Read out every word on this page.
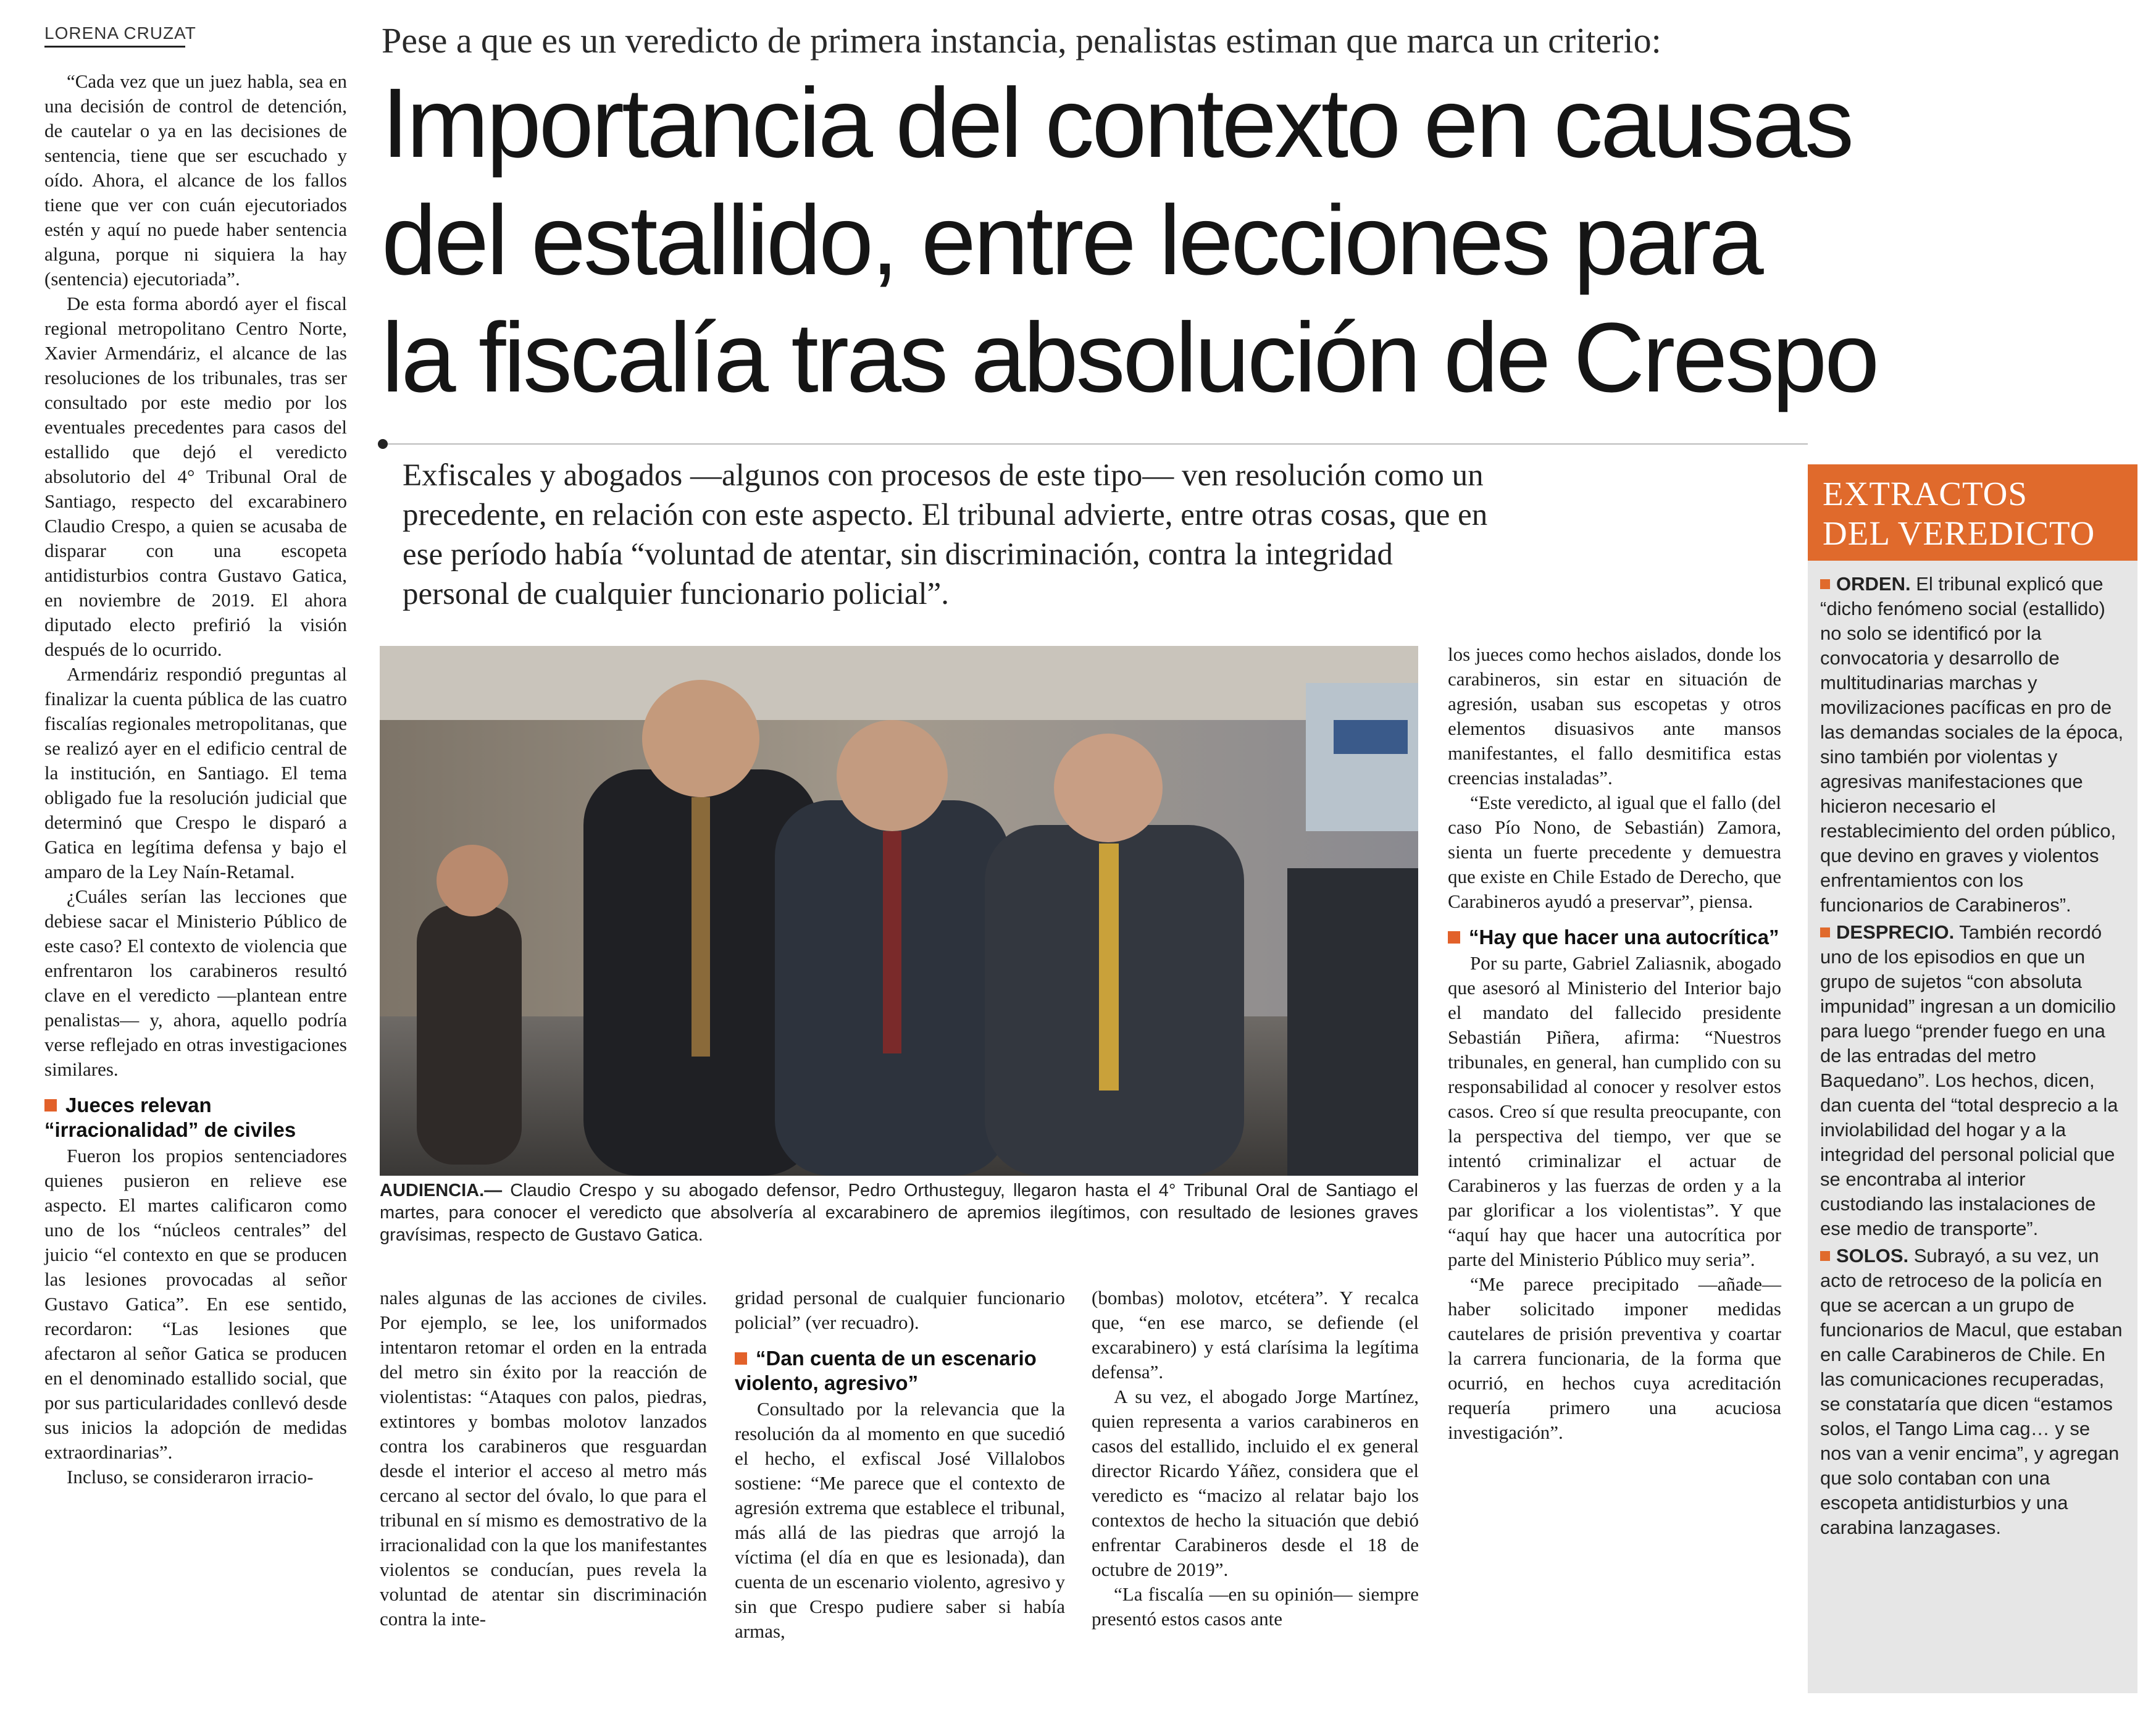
LORENA CRUZAT	Pese a que es un veredicto de primera instancia, penalistas estiman que marca un criterio:
Importancia del contexto en causas
del estallido, entre lecciones para
la fiscalía tras absolución de Crespo
Exfiscales y abogados —algunos con procesos de este tipo— ven resolución como un
precedente, en relación con este aspecto. El tribunal advierte, entre otras cosas, que en
ese período había “voluntad de atentar, sin discriminación, contra la integridad
personal de cualquier funcionario policial”.

“Cada vez que un juez habla, sea en una decisión de control de detención, de cautelar o ya en las decisiones de sentencia, tiene que ser escuchado y oído. Ahora, el alcance de los fallos tiene que ver con cuán ejecutoriados estén y aquí no puede haber sentencia alguna, porque ni siquiera la hay (sentencia) ejecutoriada”.

De esta forma abordó ayer el fiscal regional metropolitano Centro Norte, Xavier Armendáriz, el alcance de las resoluciones de los tribunales, tras ser consultado por este medio por los eventuales precedentes para casos del estallido que dejó el veredicto absolutorio del 4° Tribunal Oral de Santiago, respecto del excarabinero Claudio Crespo, a quien se acusaba de disparar con una escopeta antidisturbios contra Gustavo Gatica, en noviembre de 2019. El ahora diputado electo prefirió la visión después de lo ocurrido.

Armendáriz respondió preguntas al finalizar la cuenta pública de las cuatro fiscalías regionales metropolitanas, que se realizó ayer en el edificio central de la institución, en Santiago. El tema obligado fue la resolución judicial que determinó que Crespo le disparó a Gatica en legítima defensa y bajo el amparo de la Ley Naín-Retamal.

¿Cuáles serían las lecciones que debiese sacar el Ministerio Público de este caso? El contexto de violencia que enfrentaron los carabineros resultó clave en el veredicto —plantean entre penalistas— y, ahora, aquello podría verse reflejado en otras investigaciones similares.

Jueces relevan “irracionalidad” de civiles

Fueron los propios sentenciadores quienes pusieron en relieve ese aspecto. El martes calificaron como uno de los “núcleos centrales” del juicio “el contexto en que se producen las lesiones provocadas al señor Gustavo Gatica”. En ese sentido, recordaron: “Las lesiones que afectaron al señor Gatica se producen en el denominado estallido social, que por sus particularidades conllevó desde sus inicios la adopción de medidas extraordinarias”.

Incluso, se consideraron irracio-

AUDIENCIA.— Claudio Crespo y su abogado defensor, Pedro Orthusteguy, llegaron hasta el 4° Tribunal Oral de Santiago el martes, para conocer el veredicto que absolvería al excarabinero de apremios ilegítimos, con resultado de lesiones graves gravísimas, respecto de Gustavo Gatica.

nales algunas de las acciones de civiles. Por ejemplo, se lee, los uniformados intentaron retomar el orden en la entrada del metro sin éxito por la reacción de violentistas: “Ataques con palos, piedras, extintores y bombas molotov lanzados contra los carabineros que resguardan desde el interior el acceso al metro más cercano al sector del óvalo, lo que para el tribunal en sí mismo es demostrativo de la irracionalidad con la que los manifestantes violentos se conducían, pues revela la voluntad de atentar sin discriminación contra la inte-

gridad personal de cualquier funcionario policial” (ver recuadro).

“Dan cuenta de un escenario violento, agresivo”

Consultado por la relevancia que la resolución da al momento en que sucedió el hecho, el exfiscal José Villalobos sostiene: “Me parece que el contexto de agresión extrema que establece el tribunal, más allá de las piedras que arrojó la víctima (el día en que es lesionada), dan cuenta de un escenario violento, agresivo y sin que Crespo pudiere saber si había armas,

(bombas) molotov, etcétera”. Y recalca que, “en ese marco, se defiende (el excarabinero) y está clarísima la legítima defensa”.

A su vez, el abogado Jorge Martínez, quien representa a varios carabineros en casos del estallido, incluido el ex general director Ricardo Yáñez, considera que el veredicto es “macizo al relatar bajo los contextos de hecho la situación que debió enfrentar Carabineros desde el 18 de octubre de 2019”.

“La fiscalía —en su opinión— siempre presentó estos casos ante

los jueces como hechos aislados, donde los carabineros, sin estar en situación de agresión, usaban sus escopetas y otros elementos disuasivos ante mansos manifestantes, el fallo desmitifica estas creencias instaladas”.

“Este veredicto, al igual que el fallo (del caso Pío Nono, de Sebastián) Zamora, sienta un fuerte precedente y demuestra que existe en Chile Estado de Derecho, que Carabineros ayudó a preservar”, piensa.

“Hay que hacer una autocrítica”

Por su parte, Gabriel Zaliasnik, abogado que asesoró al Ministerio del Interior bajo el mandato del fallecido presidente Sebastián Piñera, afirma: “Nuestros tribunales, en general, han cumplido con su responsabilidad al conocer y resolver estos casos. Creo sí que resulta preocupante, con la perspectiva del tiempo, ver que se intentó criminalizar el actuar de Carabineros y las fuerzas de orden y a la par glorificar a los violentistas”. Y que “aquí hay que hacer una autocrítica por parte del Ministerio Público muy seria”.

“Me parece precipitado —añade— haber solicitado imponer medidas cautelares de prisión preventiva y coartar la carrera funcionaria, de la forma que ocurrió, en hechos cuya acreditación requería primero una acuciosa investigación”.

EXTRACTOS
DEL VEREDICTO

ORDEN. El tribunal explicó que “dicho fenómeno social (estallido) no solo se identificó por la convocatoria y desarrollo de multitudinarias marchas y movilizaciones pacíficas en pro de las demandas sociales de la época, sino también por violentas y agresivas manifestaciones que hicieron necesario el restablecimiento del orden público, que devino en graves y violentos enfrentamientos con los funcionarios de Carabineros”.

DESPRECIO. También recordó uno de los episodios en que un grupo de sujetos “con absoluta impunidad” ingresan a un domicilio para luego “prender fuego en una de las entradas del metro Baquedano”. Los hechos, dicen, dan cuenta del “total desprecio a la inviolabilidad del hogar y a la integridad del personal policial que se encontraba al interior custodiando las instalaciones de ese medio de transporte”.

SOLOS. Subrayó, a su vez, un acto de retroceso de la policía en que se acercan a un grupo de funcionarios de Macul, que estaban en calle Carabineros de Chile. En las comunicaciones recuperadas, se constataría que dicen “estamos solos, el Tango Lima cag… y se nos van a venir encima”, y agregan que solo contaban con una escopeta antidisturbios y una carabina lanzagases.
